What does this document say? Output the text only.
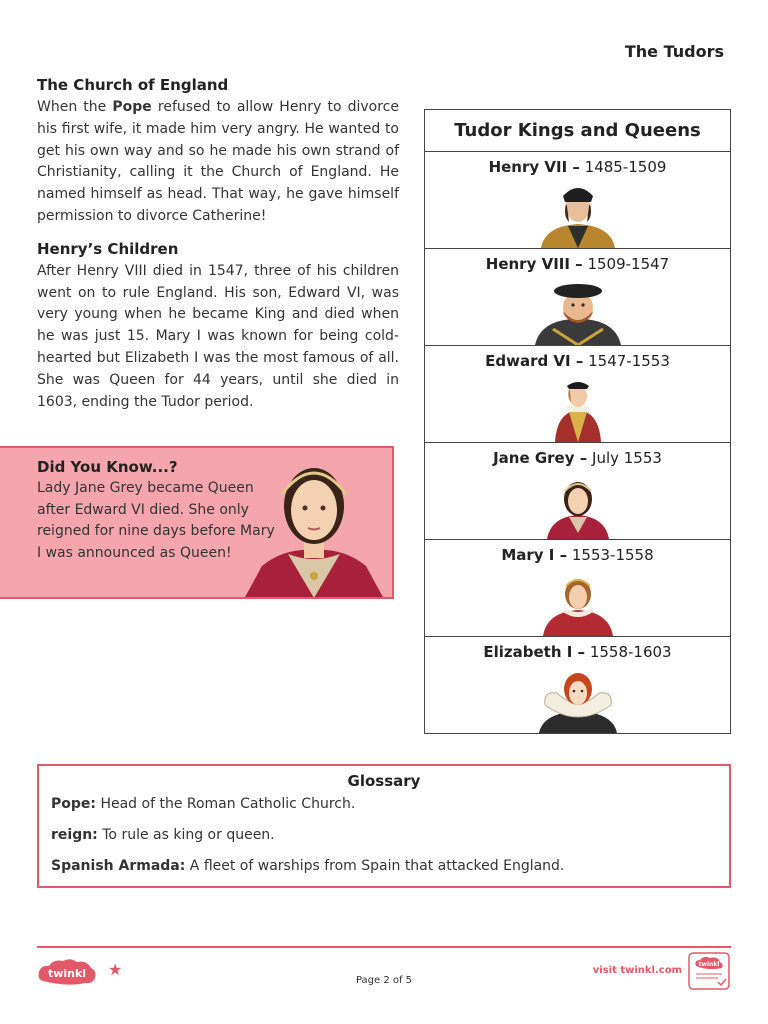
The Tudors
The Church of England

When the Pope refused to allow Henry to divorce his first wife, it made him very angry. He wanted to get his own way and so he made his own strand of Christianity, calling it the Church of England. He named himself as head. That way, he gave himself permission to divorce Catherine!

Henry’s Children

After Henry VIII died in 1547, three of his children went on to rule England. His son, Edward VI, was very young when he became King and died when he was just 15. Mary I was known for being cold-hearted but Elizabeth I was the most famous of all. She was Queen for 44 years, until she died in 1603, ending the Tudor period.

Did You Know...?
Lady Jane Grey became Queen after Edward VI died. She only reigned for nine days before Mary I was announced as Queen!
Tudor Kings and Queens
Henry VII – 1485-1509
Henry VIII – 1509-1547
Edward VI – 1547-1553
Jane Grey – July 1553
Mary I – 1553-1558
Elizabeth I – 1558-1603
Glossary
Pope: Head of the Roman Catholic Church.
reign: To rule as king or queen.
Spanish Armada: A fleet of warships from Spain that attacked England.
twinkl ★
Page 2 of 5
visit twinkl.com
twinkl
